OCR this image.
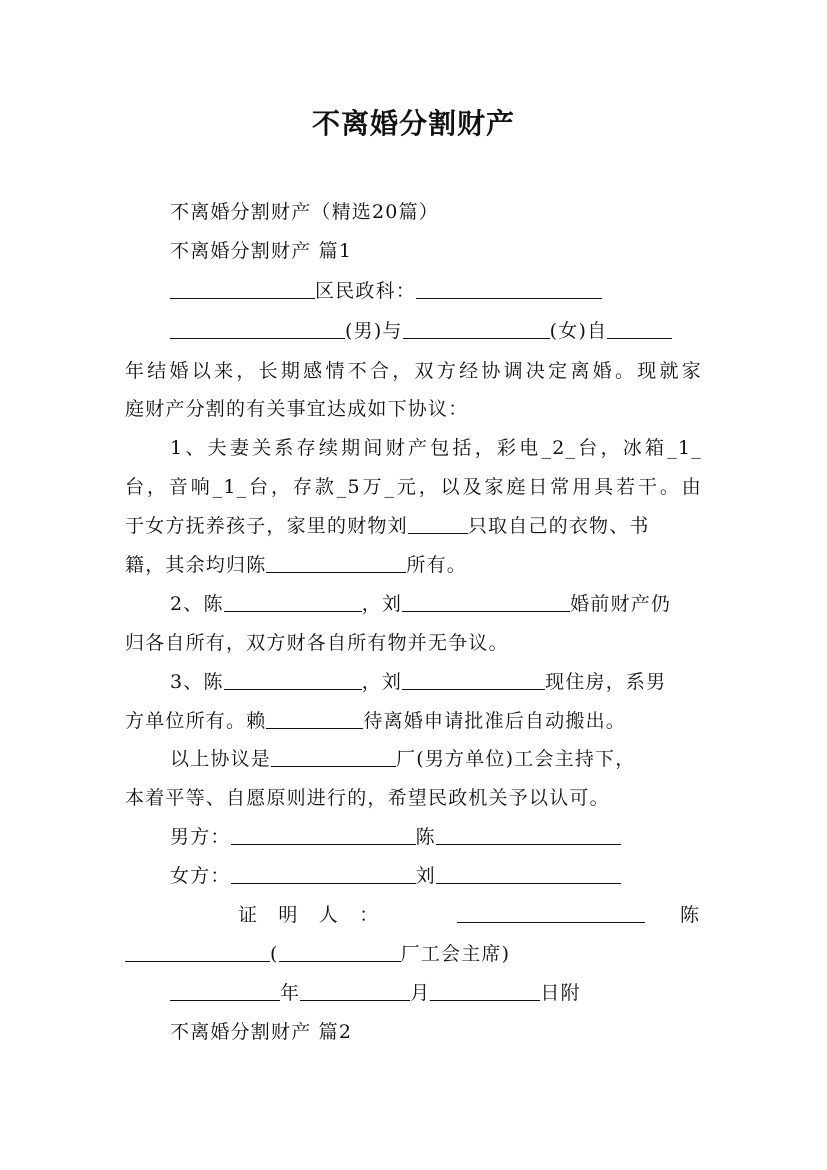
不离婚分割财产
不离婚分割财产（精选20篇）
不离婚分割财产 篇1
区民政科：
(男)与	(女)自
年结婚以来，长期感情不合，双方经协调决定离婚。现就家
庭财产分割的有关事宜达成如下协议：
1、夫妻关系存续期间财产包括，彩电_2_台，冰箱_1_
台，音响_1_台，存款_5万_元，以及家庭日常用具若干。由
于女方抚养孩子，家里的财物刘	只取自己的衣物、书
籍，其余均归陈	所有。
2、陈	，刘	婚前财产仍
归各自所有，双方财各自所有物并无争议。
3、陈	，刘	现住房，系男
方单位所有。赖	待离婚申请批准后自动搬出。
以上协议是	厂(男方单位)工会主持下，
本着平等、自愿原则进行的，希望民政机关予以认可。
男方：	陈
女方：	刘
证　明　人　：	陈
(	厂工会主席)
年	月	日附
不离婚分割财产 篇2
